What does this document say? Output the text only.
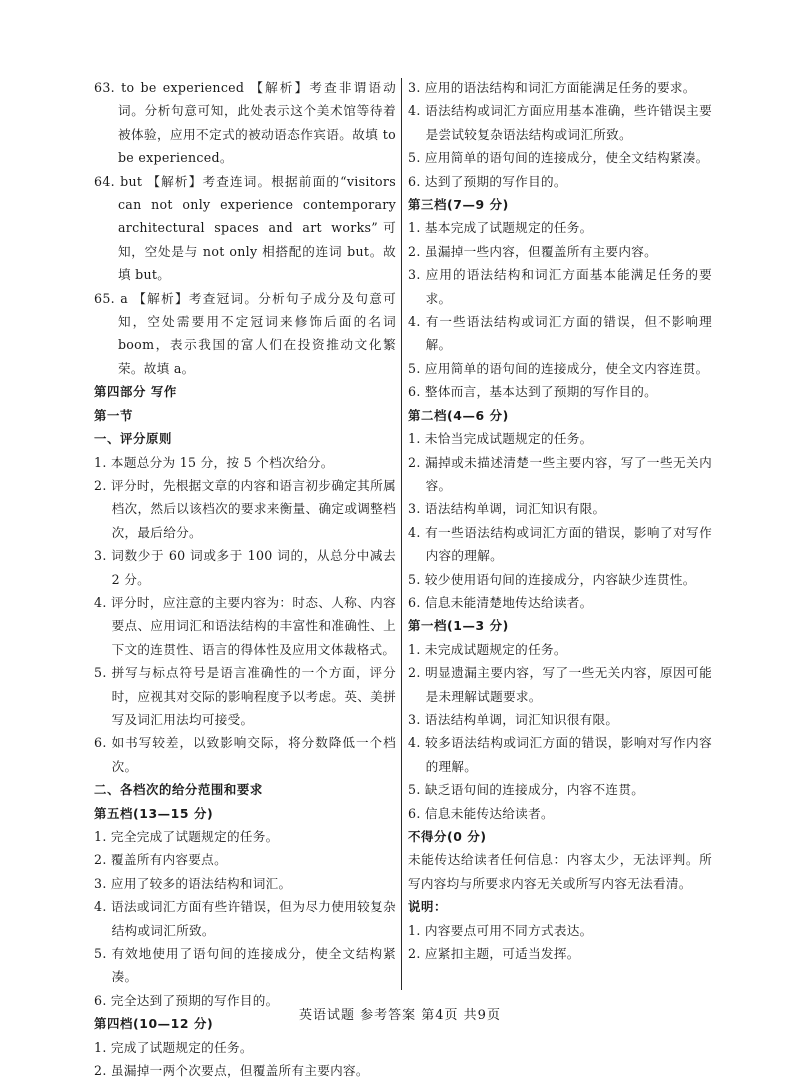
63. to be experienced 【解析】考查非谓语动词。分析句意可知，此处表示这个美术馆等待着被体验，应用不定式的被动语态作宾语。故填 to be experienced。

64. but 【解析】考查连词。根据前面的“visitors can not only experience contemporary architectural spaces and art works”可知，空处是与 not only 相搭配的连词 but。故填 but。

65. a 【解析】考查冠词。分析句子成分及句意可知，空处需要用不定冠词来修饰后面的名词boom，表示我国的富人们在投资推动文化繁荣。故填 a。

第四部分 写作

第一节

一、评分原则

1. 本题总分为 15 分，按 5 个档次给分。

2. 评分时，先根据文章的内容和语言初步确定其所属档次，然后以该档次的要求来衡量、确定或调整档次，最后给分。

3. 词数少于 60 词或多于 100 词的，从总分中减去 2 分。

4. 评分时，应注意的主要内容为：时态、人称、内容要点、应用词汇和语法结构的丰富性和准确性、上下文的连贯性、语言的得体性及应用文体裁格式。

5. 拼写与标点符号是语言准确性的一个方面，评分时，应视其对交际的影响程度予以考虑。英、美拼写及词汇用法均可接受。

6. 如书写较差，以致影响交际，将分数降低一个档次。

二、各档次的给分范围和要求

第五档(13—15 分)

1. 完全完成了试题规定的任务。

2. 覆盖所有内容要点。

3. 应用了较多的语法结构和词汇。

4. 语法或词汇方面有些许错误，但为尽力使用较复杂结构或词汇所致。

5. 有效地使用了语句间的连接成分，使全文结构紧凑。

6. 完全达到了预期的写作目的。

第四档(10—12 分)

1. 完成了试题规定的任务。

2. 虽漏掉一两个次要点，但覆盖所有主要内容。

3. 应用的语法结构和词汇方面能满足任务的要求。

4. 语法结构或词汇方面应用基本准确，些许错误主要是尝试较复杂语法结构或词汇所致。

5. 应用简单的语句间的连接成分，使全文结构紧凑。

6. 达到了预期的写作目的。

第三档(7—9 分)

1. 基本完成了试题规定的任务。

2. 虽漏掉一些内容，但覆盖所有主要内容。

3. 应用的语法结构和词汇方面基本能满足任务的要求。

4. 有一些语法结构或词汇方面的错误，但不影响理解。

5. 应用简单的语句间的连接成分，使全文内容连贯。

6. 整体而言，基本达到了预期的写作目的。

第二档(4—6 分)

1. 未恰当完成试题规定的任务。

2. 漏掉或未描述清楚一些主要内容，写了一些无关内容。

3. 语法结构单调，词汇知识有限。

4. 有一些语法结构或词汇方面的错误，影响了对写作内容的理解。

5. 较少使用语句间的连接成分，内容缺少连贯性。

6. 信息未能清楚地传达给读者。

第一档(1—3 分)

1. 未完成试题规定的任务。

2. 明显遗漏主要内容，写了一些无关内容，原因可能是未理解试题要求。

3. 语法结构单调，词汇知识很有限。

4. 较多语法结构或词汇方面的错误，影响对写作内容的理解。

5. 缺乏语句间的连接成分，内容不连贯。

6. 信息未能传达给读者。

不得分(0 分)

未能传达给读者任何信息：内容太少，无法评判。所写内容均与所要求内容无关或所写内容无法看清。

说明：

1. 内容要点可用不同方式表达。

2. 应紧扣主题，可适当发挥。

英语试题 参考答案 第4页 共9页
